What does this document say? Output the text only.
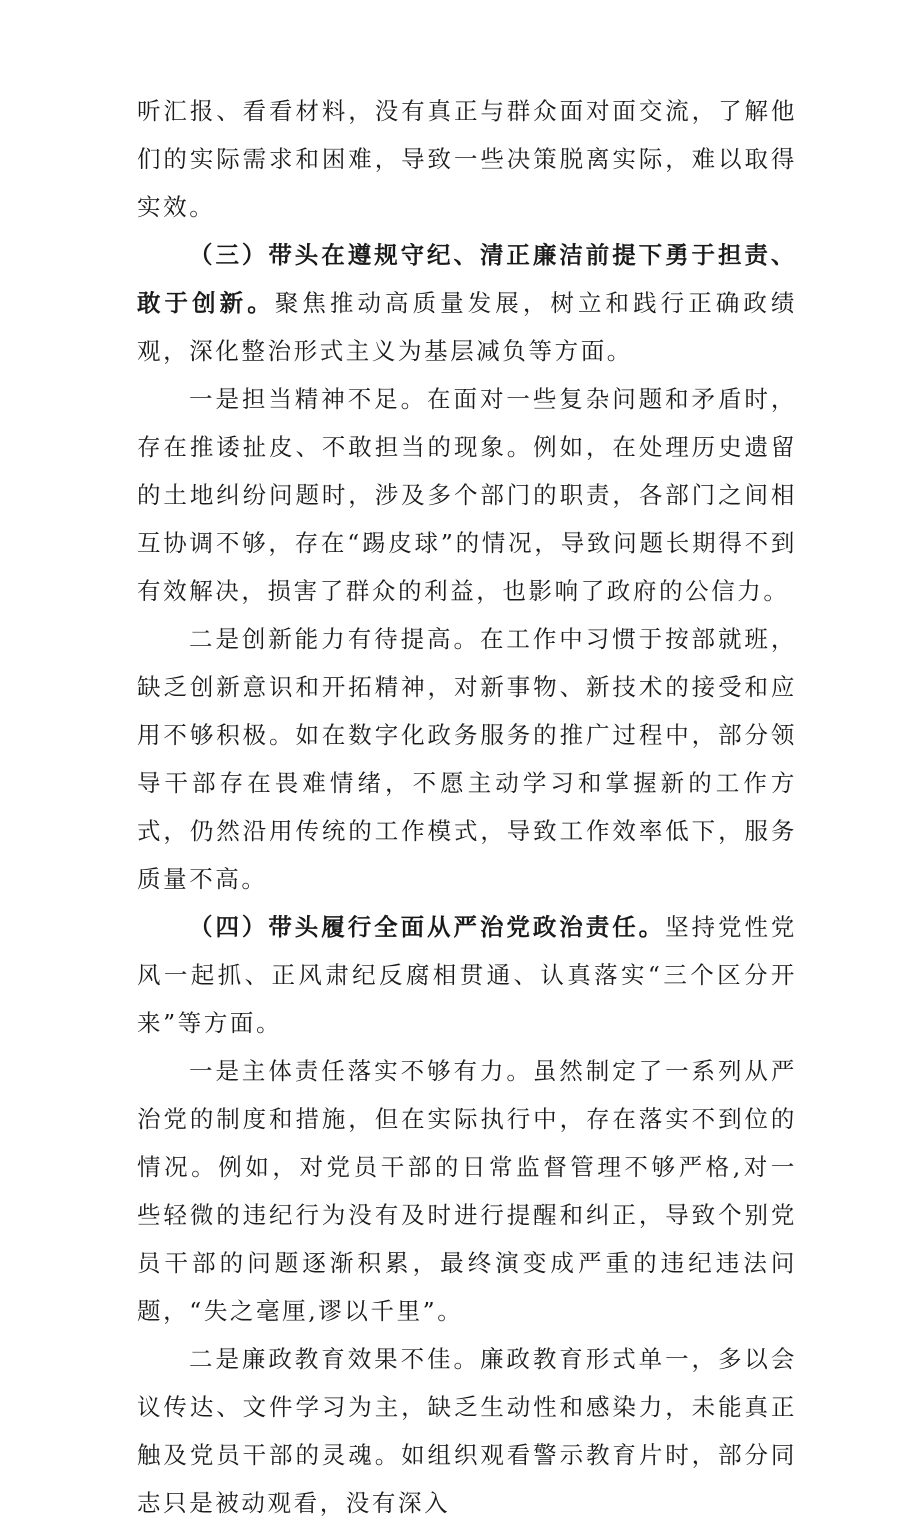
听汇报、看看材料，没有真正与群众面对面交流，了解他们的实际需求和困难，导致一些决策脱离实际，难以取得实效。

（三）带头在遵规守纪、清正廉洁前提下勇于担责、敢于创新。聚焦推动高质量发展，树立和践行正确政绩观，深化整治形式主义为基层减负等方面。

一是担当精神不足。在面对一些复杂问题和矛盾时，存在推诿扯皮、不敢担当的现象。例如，在处理历史遗留的土地纠纷问题时，涉及多个部门的职责，各部门之间相互协调不够，存在“踢皮球”的情况，导致问题长期得不到有效解决，损害了群众的利益，也影响了政府的公信力。

二是创新能力有待提高。在工作中习惯于按部就班，缺乏创新意识和开拓精神，对新事物、新技术的接受和应用不够积极。如在数字化政务服务的推广过程中，部分领导干部存在畏难情绪，不愿主动学习和掌握新的工作方式，仍然沿用传统的工作模式，导致工作效率低下，服务质量不高。

（四）带头履行全面从严治党政治责任。坚持党性党风一起抓、正风肃纪反腐相贯通、认真落实“三个区分开来”等方面。

一是主体责任落实不够有力。虽然制定了一系列从严治党的制度和措施，但在实际执行中，存在落实不到位的情况。例如，对党员干部的日常监督管理不够严格,对一些轻微的违纪行为没有及时进行提醒和纠正，导致个别党员干部的问题逐渐积累，最终演变成严重的违纪违法问题，“失之毫厘,谬以千里”。

二是廉政教育效果不佳。廉政教育形式单一，多以会议传达、文件学习为主，缺乏生动性和感染力，未能真正触及党员干部的灵魂。如组织观看警示教育片时，部分同志只是被动观看，没有深入
